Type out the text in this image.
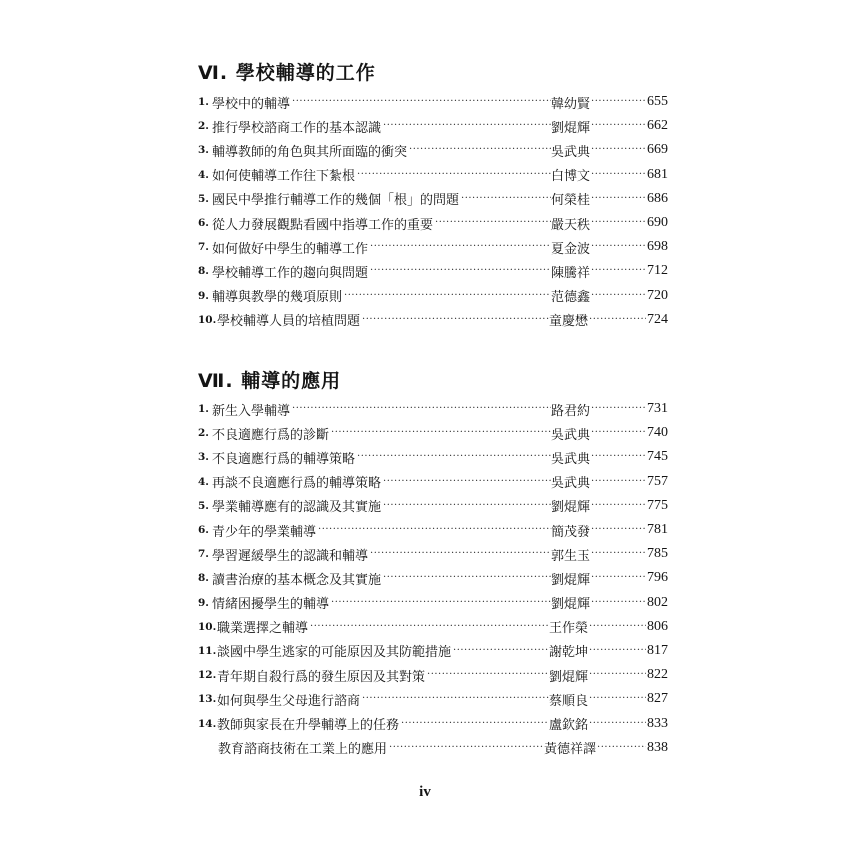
Ⅵ. 學校輔導的工作
1. 學校中的輔導 ·····	韓幼賢 ·····	655
2. 推行學校諮商工作的基本認識 ·····	劉焜輝 ·····	662
3. 輔導教師的角色與其所面臨的衝突 ·····	吳武典 ·····	669
4. 如何使輔導工作往下紮根 ·····	白博文 ·····	681
5. 國民中學推行輔導工作的幾個「根」的問題 ·····	何榮桂 ·····	686
6. 從人力發展觀點看國中指導工作的重要 ·····	嚴天秩 ·····	690
7. 如何做好中學生的輔導工作 ·····	夏金波 ·····	698
8. 學校輔導工作的趨向與問題 ·····	陳騰祥 ·····	712
9. 輔導與教學的幾項原則 ·····	范德鑫 ·····	720
10. 學校輔導人員的培植問題 ·····	童慶懋 ·····	724
Ⅶ. 輔導的應用
1. 新生入學輔導 ·····	路君約 ·····	731
2. 不良適應行爲的診斷 ·····	吳武典 ·····	740
3. 不良適應行爲的輔導策略 ·····	吳武典 ·····	745
4. 再談不良適應行爲的輔導策略 ·····	吳武典 ·····	757
5. 學業輔導應有的認識及其實施 ·····	劉焜輝 ·····	775
6. 青少年的學業輔導 ·····	簡茂發 ·····	781
7. 學習遲緩學生的認識和輔導 ·····	郭生玉 ·····	785
8. 讀書治療的基本概念及其實施 ·····	劉焜輝 ·····	796
9. 情緒困擾學生的輔導 ·····	劉焜輝 ·····	802
10. 職業選擇之輔導 ·····	王作榮 ·····	806
11. 談國中學生逃家的可能原因及其防範措施 ·····	謝乾坤 ·····	817
12. 青年期自殺行爲的發生原因及其對策 ·····	劉焜輝 ·····	822
13. 如何與學生父母進行諮商 ·····	蔡順良 ·····	827
14. 教師與家長在升學輔導上的任務 ·····	盧欽銘 ·····	833
教育諮商技術在工業上的應用 ·····	黃德祥譯 ·····	838
iv
